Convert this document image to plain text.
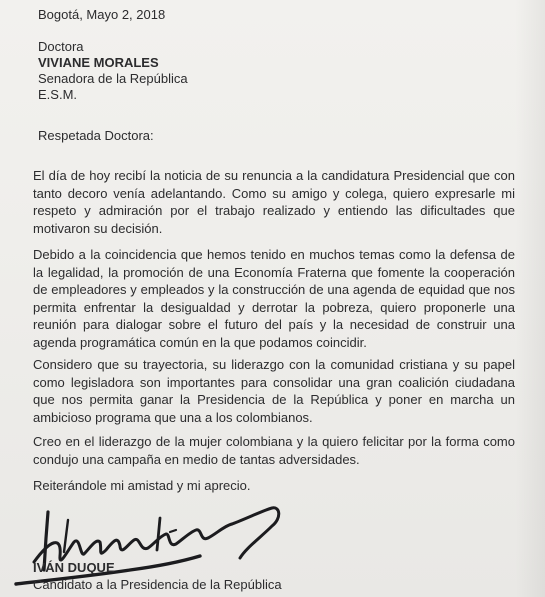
Bogotá, Mayo 2, 2018
Doctora
VIVIANE MORALES
Senadora de la República
E.S.M.
Respetada Doctora:
El día de hoy recibí la noticia de su renuncia a la candidatura Presidencial que con tanto decoro venía adelantando. Como su amigo y colega, quiero expresarle mi respeto y admiración por el trabajo realizado y entiendo las dificultades que motivaron su decisión.
Debido a la coincidencia que hemos tenido en muchos temas como la defensa de la legalidad, la promoción de una Economía Fraterna que fomente la cooperación de empleadores y empleados y la construcción de una agenda de equidad que nos permita enfrentar la desigualdad y derrotar la pobreza, quiero proponerle una reunión para dialogar sobre el futuro del país y la necesidad de construir una agenda programática común en la que podamos coincidir.
Considero que su trayectoria, su liderazgo con la comunidad cristiana y su papel como legisladora son importantes para consolidar una gran coalición ciudadana que nos permita ganar la Presidencia de la República y poner en marcha un ambicioso programa que una a los colombianos.
Creo en el liderazgo de la mujer colombiana y la quiero felicitar por la forma como condujo una campaña en medio de tantas adversidades.
Reiterándole mi amistad y mi aprecio.
IVÁN DUQUE
Candidato a la Presidencia de la República
